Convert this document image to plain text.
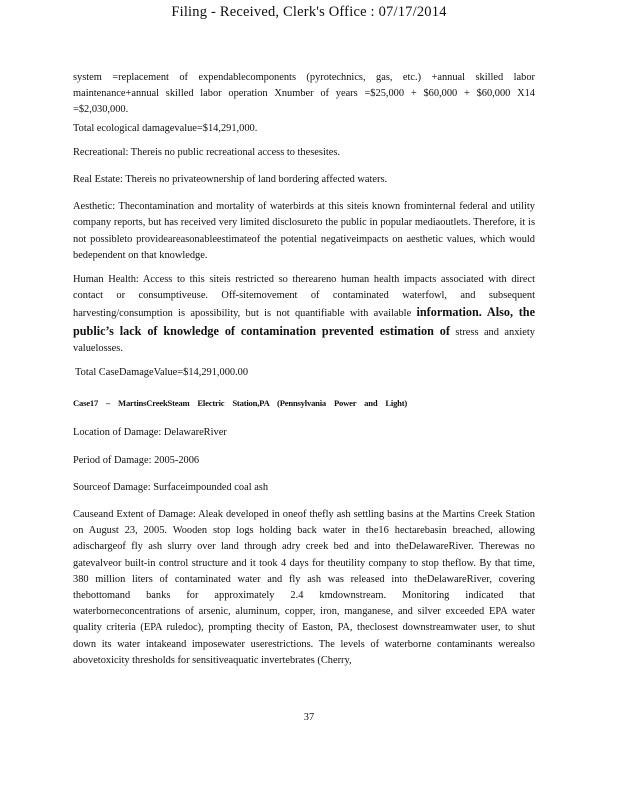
Filing - Received, Clerk's Office : 07/17/2014

system =replacement of expendablecomponents (pyrotechnics, gas, etc.) +annual skilled labor maintenance+annual skilled labor operation Xnumber of years =$25,000 + $60,000 + $60,000 X14 =$2,030,000.

Total ecological damagevalue=$14,291,000.

Recreational: Thereis no public recreational access to thesesites.

Real Estate: Thereis no privateownership of land bordering affected waters.

Aesthetic: Thecontamination and mortality of waterbirds at this siteis known frominternal federal and utility company reports, but has received very limited disclosureto the public in popular mediaoutlets. Therefore, it is not possibleto provideareasonableestimateof the potential negativeimpacts on aesthetic values, which would bedependent on that knowledge.

Human Health: Access to this siteis restricted so thereareno human health impacts associated with direct contact or consumptiveuse. Off-sitemovement of contaminated waterfowl, and subsequent harvesting/consumption is apossibility, but is not quantifiable with available information. Also, the public’s lack of knowledge of contamination prevented estimation of stress and anxiety valuelosses.

Total CaseDamageValue=$14,291,000.00

Case17 – MartinsCreekSteam Electric Station,PA (Pennsylvania Power and Light)

Location of Damage: DelawareRiver

Period of Damage: 2005-2006

Sourceof Damage: Surfaceimpounded coal ash

Causeand Extent of Damage: Aleak developed in oneof thefly ash settling basins at the Martins Creek Station on August 23, 2005. Wooden stop logs holding back water in the16 hectarebasin breached, allowing adischargeof fly ash slurry over land through adry creek bed and into theDelawareRiver. Therewas no gatevalveor built-in control structure and it took 4 days for theutility company to stop theflow. By that time, 380 million liters of contaminated water and fly ash was released into theDelawareRiver, covering thebottomand banks for approximately 2.4 kmdownstream. Monitoring indicated that waterborneconcentrations of arsenic, aluminum, copper, iron, manganese, and silver exceeded EPA water quality criteria (EPA ruledoc), prompting thecity of Easton, PA, theclosest downstreamwater user, to shut down its water intakeand imposewater userestrictions. The levels of waterborne contaminants werealso abovetoxicity thresholds for sensitiveaquatic invertebrates (Cherry,

37
